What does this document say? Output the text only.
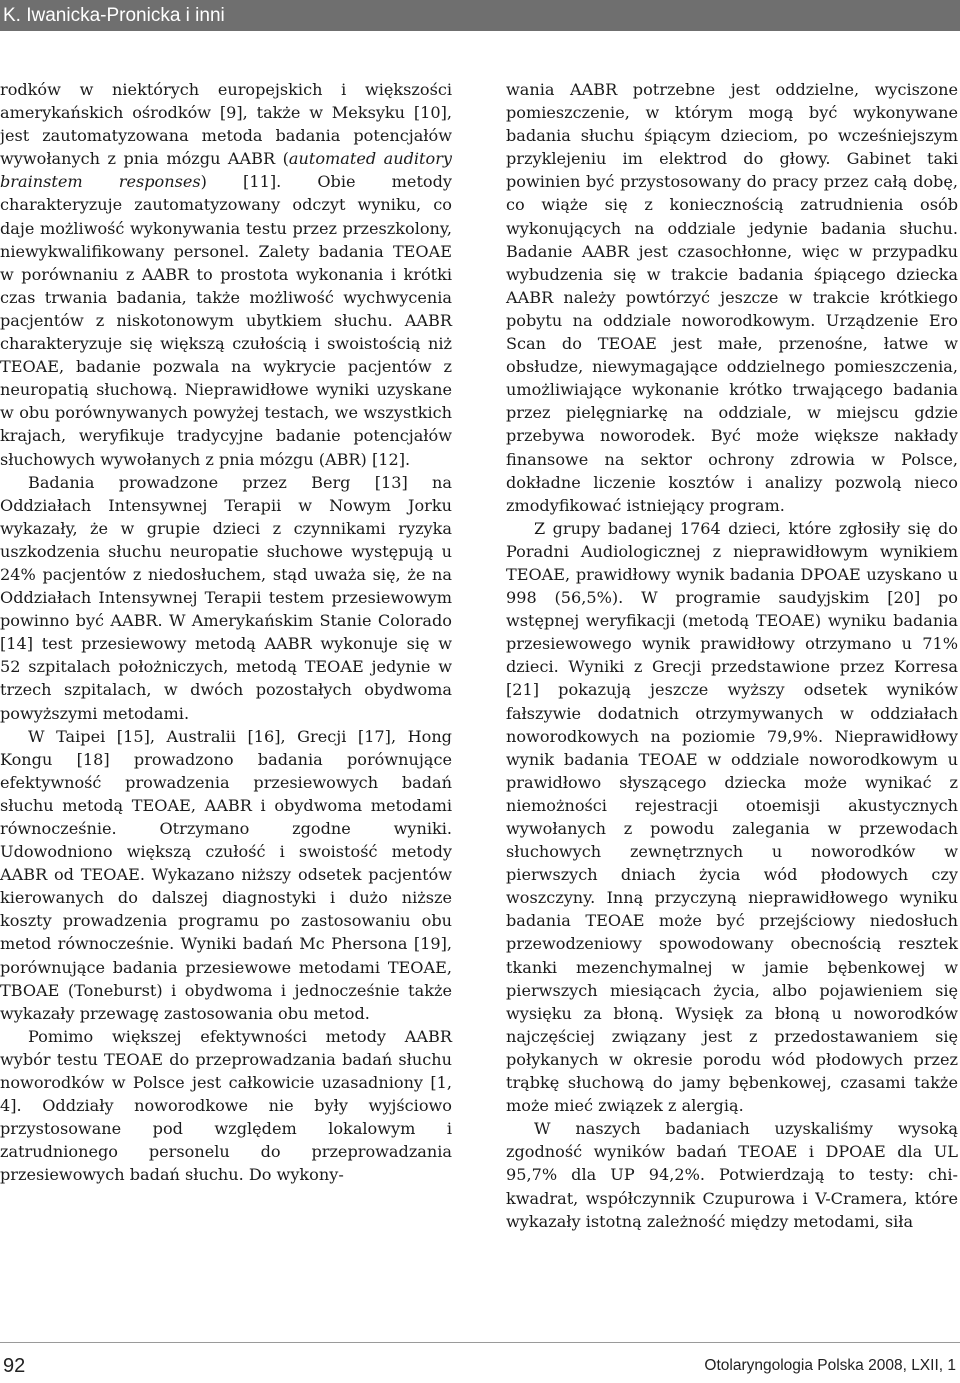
K. Iwanicka-Pronicka i inni

rodków w niektórych europejskich i większości amerykańskich ośrodków [9], także w Meksyku [10], jest zautomatyzowana metoda badania potencjałów wywołanych z pnia mózgu AABR (automated auditory brainstem responses) [11]. Obie metody charakteryzuje zautomatyzowany odczyt wyniku, co daje możliwość wykonywania testu przez przeszkolony, niewykwalifikowany personel. Zalety badania TEOAE w porównaniu z AABR to prostota wykonania i krótki czas trwania badania, także możliwość wychwycenia pacjentów z niskotonowym ubytkiem słuchu. AABR charakteryzuje się większą czułością i swoistością niż TEOAE, badanie pozwala na wykrycie pacjentów z neuropatią słuchową. Nieprawidłowe wyniki uzyskane w obu porównywanych powyżej testach, we wszystkich krajach, weryfikuje tradycyjne badanie potencjałów słuchowych wywołanych z pnia mózgu (ABR) [12].

Badania prowadzone przez Berg [13] na Oddziałach Intensywnej Terapii w Nowym Jorku wykazały, że w grupie dzieci z czynnikami ryzyka uszkodzenia słuchu neuropatie słuchowe występują u 24% pacjentów z niedosłuchem, stąd uważa się, że na Oddziałach Intensywnej Terapii testem przesiewowym powinno być AABR. W Amerykańskim Stanie Colorado [14] test przesiewowy metodą AABR wykonuje się w 52 szpitalach położniczych, metodą TEOAE jedynie w trzech szpitalach, w dwóch pozostałych obydwoma powyższymi metodami.

W Taipei [15], Australii [16], Grecji [17], Hong Kongu [18] prowadzono badania porównujące efektywność prowadzenia przesiewowych badań słuchu metodą TEOAE, AABR i obydwoma metodami równocześnie. Otrzymano zgodne wyniki. Udowodniono większą czułość i swoistość metody AABR od TEOAE. Wykazano niższy odsetek pacjentów kierowanych do dalszej diagnostyki i dużo niższe koszty prowadzenia programu po zastosowaniu obu metod równocześnie. Wyniki badań Mc Phersona [19], porównujące badania przesiewowe metodami TEOAE, TBOAE (Toneburst) i obydwoma i jednocześnie także wykazały przewagę zastosowania obu metod.

Pomimo większej efektywności metody AABR wybór testu TEOAE do przeprowadzania badań słuchu noworodków w Polsce jest całkowicie uzasadniony [1, 4]. Oddziały noworodkowe nie były wyjściowo przystosowane pod względem lokalowym i zatrudnionego personelu do przeprowadzania przesiewowych badań słuchu. Do wykony-

wania AABR potrzebne jest oddzielne, wyciszone pomieszczenie, w którym mogą być wykonywane badania słuchu śpiącym dzieciom, po wcześniejszym przyklejeniu im elektrod do głowy. Gabinet taki powinien być przystosowany do pracy przez całą dobę, co wiąże się z koniecznością zatrudnienia osób wykonujących na oddziale jedynie badania słuchu. Badanie AABR jest czasochłonne, więc w przypadku wybudzenia się w trakcie badania śpiącego dziecka AABR należy powtórzyć jeszcze w trakcie krótkiego pobytu na oddziale noworodkowym. Urządzenie Ero Scan do TEOAE jest małe, przenośne, łatwe w obsłudze, niewymagające oddzielnego pomieszczenia, umożliwiające wykonanie krótko trwającego badania przez pielęgniarkę na oddziale, w miejscu gdzie przebywa noworodek. Być może większe nakłady finansowe na sektor ochrony zdrowia w Polsce, dokładne liczenie kosztów i analizy pozwolą nieco zmodyfikować istniejący program.

Z grupy badanej 1764 dzieci, które zgłosiły się do Poradni Audiologicznej z nieprawidłowym wynikiem TEOAE, prawidłowy wynik badania DPOAE uzyskano u 998 (56,5%). W programie saudyjskim [20] po wstępnej weryfikacji (metodą TEOAE) wyniku badania przesiewowego wynik prawidłowy otrzymano u 71% dzieci. Wyniki z Grecji przedstawione przez Korresa [21] pokazują jeszcze wyższy odsetek wyników fałszywie dodatnich otrzymywanych w oddziałach noworodkowych na poziomie 79,9%. Nieprawidłowy wynik badania TEOAE w oddziale noworodkowym u prawidłowo słyszącego dziecka może wynikać z niemożności rejestracji otoemisji akustycznych wywołanych z powodu zalegania w przewodach słuchowych zewnętrznych u noworodków w pierwszych dniach życia wód płodowych czy woszczyny. Inną przyczyną nieprawidłowego wyniku badania TEOAE może być przejściowy niedosłuch przewodzeniowy spowodowany obecnością resztek tkanki mezenchymalnej w jamie bębenkowej w pierwszych miesiącach życia, albo pojawieniem się wysięku za błoną. Wysięk za błoną u noworodków najczęściej związany jest z przedostawaniem się połykanych w okresie porodu wód płodowych przez trąbkę słuchową do jamy bębenkowej, czasami także może mieć związek z alergią.

W naszych badaniach uzyskaliśmy wysoką zgodność wyników badań TEOAE i DPOAE dla UL 95,7% dla UP 94,2%. Potwierdzają to testy: chi-kwadrat, współczynnik Czupurowa i V-Cramera, które wykazały istotną zależność między metodami, siła

92	Otolaryngologia Polska 2008, LXII, 1
